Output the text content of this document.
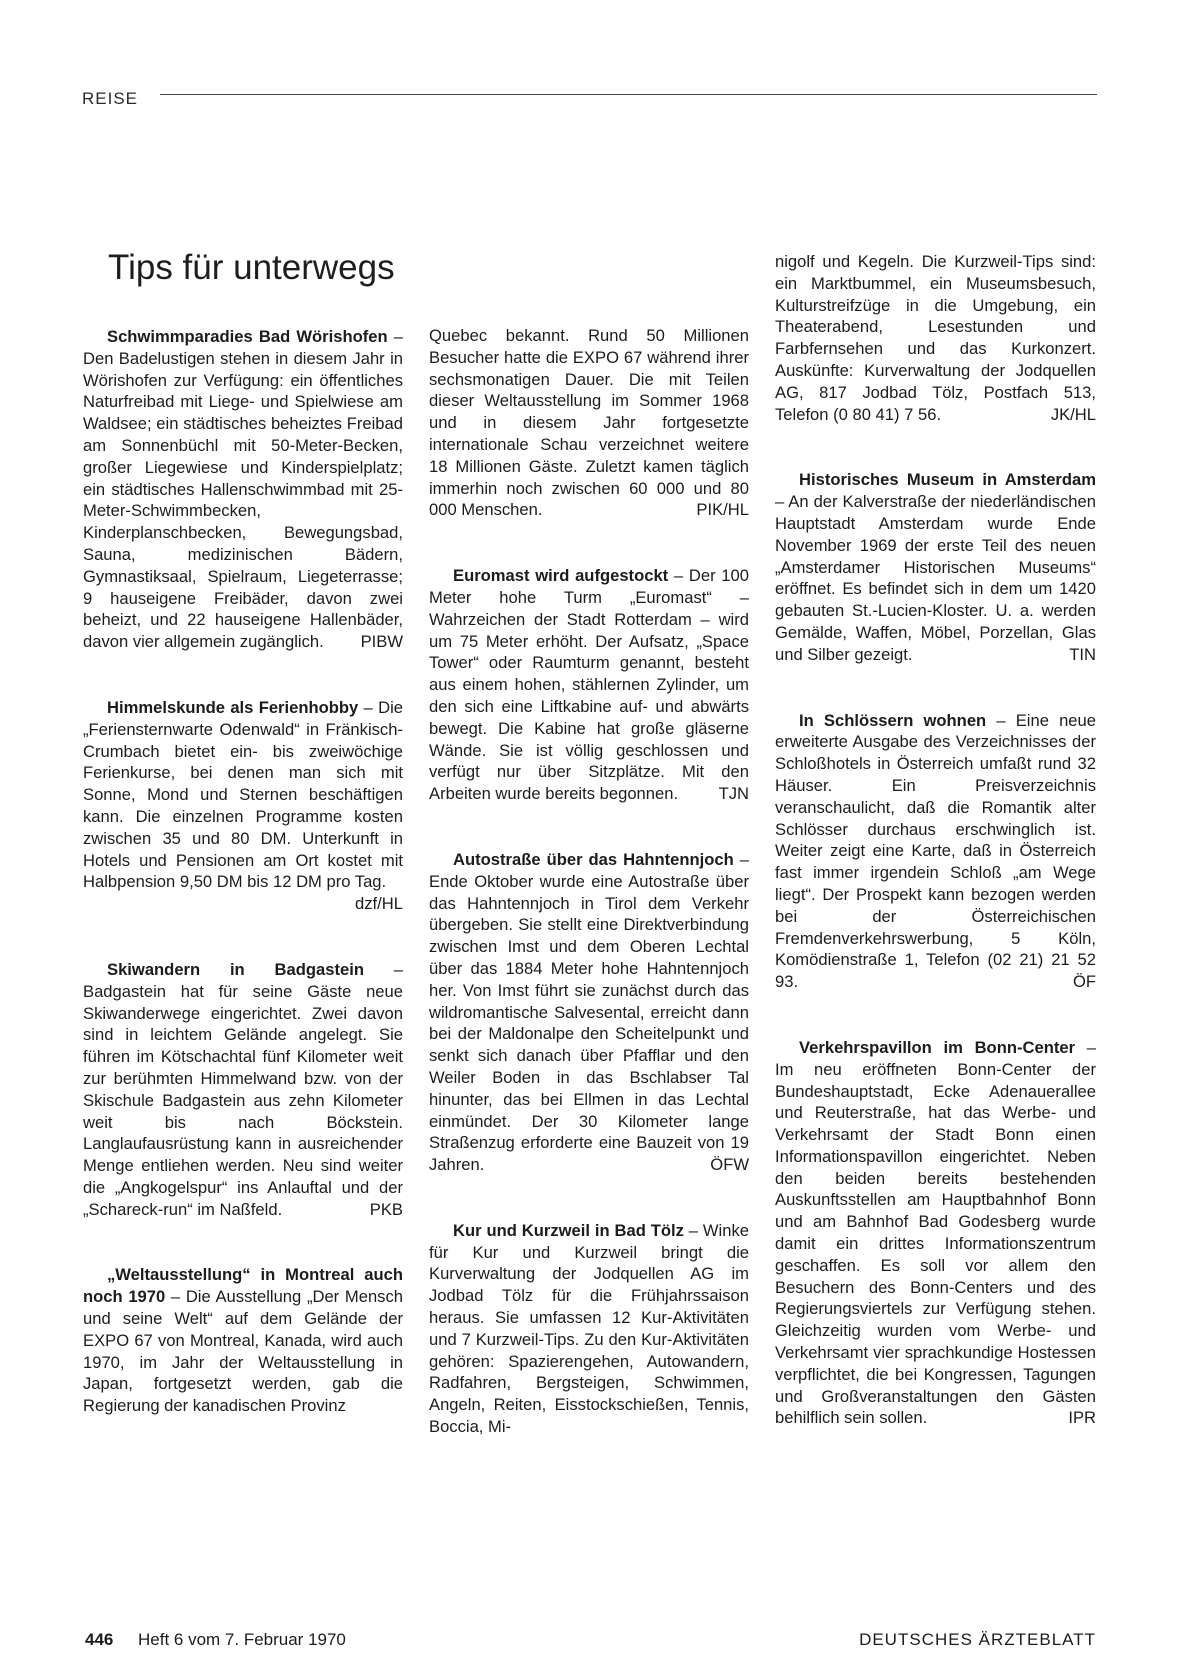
REISE
Tips für unterwegs

Schwimmparadies Bad Wörishofen – Den Badelustigen stehen in diesem Jahr in Wörishofen zur Verfügung: ein öffentliches Naturfreibad mit Liege- und Spielwiese am Waldsee; ein städtisches beheiztes Freibad am Sonnenbüchl mit 50-Meter-Becken, großer Liegewiese und Kinderspielplatz; ein städtisches Hallenschwimmbad mit 25-Meter-Schwimmbecken, Kinderplanschbecken, Bewegungsbad, Sauna, medizinischen Bädern, Gymnastiksaal, Spielraum, Liegeterrasse; 9 hauseigene Freibäder, davon zwei beheizt, und 22 hauseigene Hallenbäder, davon vier allgemein zugänglich. PIBW

Himmelskunde als Ferienhobby – Die „Feriensternwarte Odenwald“ in Fränkisch-Crumbach bietet ein- bis zweiwöchige Ferienkurse, bei denen man sich mit Sonne, Mond und Sternen beschäftigen kann. Die einzelnen Programme kosten zwischen 35 und 80 DM. Unterkunft in Hotels und Pensionen am Ort kostet mit Halbpension 9,50 DM bis 12 DM pro Tag.
dzf/HL

Skiwandern in Badgastein – Badgastein hat für seine Gäste neue Skiwanderwege eingerichtet. Zwei davon sind in leichtem Gelände angelegt. Sie führen im Kötschachtal fünf Kilometer weit zur berühmten Himmelwand bzw. von der Skischule Badgastein aus zehn Kilometer weit bis nach Böckstein. Langlaufausrüstung kann in ausreichender Menge entliehen werden. Neu sind weiter die „Angkogelspur“ ins Anlauftal und der „Schareck-run“ im Naßfeld.	PKB

„Weltausstellung“ in Montreal auch noch 1970 – Die Ausstellung „Der Mensch und seine Welt“ auf dem Gelände der EXPO 67 von Montreal, Kanada, wird auch 1970, im Jahr der Weltausstellung in Japan, fortgesetzt werden, gab die Regierung der kanadischen Provinz

Quebec bekannt. Rund 50 Millionen Besucher hatte die EXPO 67 während ihrer sechsmonatigen Dauer. Die mit Teilen dieser Weltausstellung im Sommer 1968 und in diesem Jahr fortgesetzte internationale Schau verzeichnet weitere 18 Millionen Gäste. Zuletzt kamen täglich immerhin noch zwischen 60 000 und 80 000 Menschen.	PIK/HL

Euromast wird aufgestockt – Der 100 Meter hohe Turm „Euromast“ – Wahrzeichen der Stadt Rotterdam – wird um 75 Meter erhöht. Der Aufsatz, „Space Tower“ oder Raumturm genannt, besteht aus einem hohen, stählernen Zylinder, um den sich eine Liftkabine auf- und abwärts bewegt. Die Kabine hat große gläserne Wände. Sie ist völlig geschlossen und verfügt nur über Sitzplätze. Mit den Arbeiten wurde bereits begonnen. TJN

Autostraße über das Hahntennjoch – Ende Oktober wurde eine Autostraße über das Hahntennjoch in Tirol dem Verkehr übergeben. Sie stellt eine Direktverbindung zwischen Imst und dem Oberen Lechtal über das 1884 Meter hohe Hahntennjoch her. Von Imst führt sie zunächst durch das wildromantische Salvesental, erreicht dann bei der Maldonalpe den Scheitelpunkt und senkt sich danach über Pfafflar und den Weiler Boden in das Bschlabser Tal hinunter, das bei Ellmen in das Lechtal einmündet. Der 30 Kilometer lange Straßenzug erforderte eine Bauzeit von 19 Jahren.	ÖFW

Kur und Kurzweil in Bad Tölz – Winke für Kur und Kurzweil bringt die Kurverwaltung der Jodquellen AG im Jodbad Tölz für die Frühjahrssaison heraus. Sie umfassen 12 Kur-Aktivitäten und 7 Kurzweil-Tips. Zu den Kur-Aktivitäten gehören: Spazierengehen, Autowandern, Radfahren, Bergsteigen, Schwimmen, Angeln, Reiten, Eisstockschießen, Tennis, Boccia, Mi-

nigolf und Kegeln. Die Kurzweil-Tips sind: ein Marktbummel, ein Museumsbesuch, Kulturstreifzüge in die Umgebung, ein Theaterabend, Lesestunden und Farbfernsehen und das Kurkonzert. Auskünfte: Kurverwaltung der Jodquellen AG, 817 Jodbad Tölz, Postfach 513, Telefon (0 80 41) 7 56.	JK/HL

Historisches Museum in Amsterdam – An der Kalverstraße der niederländischen Hauptstadt Amsterdam wurde Ende November 1969 der erste Teil des neuen „Amsterdamer Historischen Museums“ eröffnet. Es befindet sich in dem um 1420 gebauten St.-Lucien-Kloster. U. a. werden Gemälde, Waffen, Möbel, Porzellan, Glas und Silber gezeigt.	TIN

In Schlössern wohnen – Eine neue erweiterte Ausgabe des Verzeichnisses der Schloßhotels in Österreich umfaßt rund 32 Häuser. Ein Preisverzeichnis veranschaulicht, daß die Romantik alter Schlösser durchaus erschwinglich ist. Weiter zeigt eine Karte, daß in Österreich fast immer irgendein Schloß „am Wege liegt“. Der Prospekt kann bezogen werden bei der Österreichischen Fremdenverkehrswerbung, 5 Köln, Komödienstraße 1, Telefon (02 21) 21 52 93.	ÖF

Verkehrspavillon im Bonn-Center – Im neu eröffneten Bonn-Center der Bundeshauptstadt, Ecke Adenauerallee und Reuterstraße, hat das Werbe- und Verkehrsamt der Stadt Bonn einen Informationspavillon eingerichtet. Neben den beiden bereits bestehenden Auskunftsstellen am Hauptbahnhof Bonn und am Bahnhof Bad Godesberg wurde damit ein drittes Informationszentrum geschaffen. Es soll vor allem den Besuchern des Bonn-Centers und des Regierungsviertels zur Verfügung stehen. Gleichzeitig wurden vom Werbe- und Verkehrsamt vier sprachkundige Hostessen verpflichtet, die bei Kongressen, Tagungen und Großveranstaltungen den Gästen behilflich sein sollen.	IPR

446 Heft 6 vom 7. Februar 1970	DEUTSCHES ÄRZTEBLATT
